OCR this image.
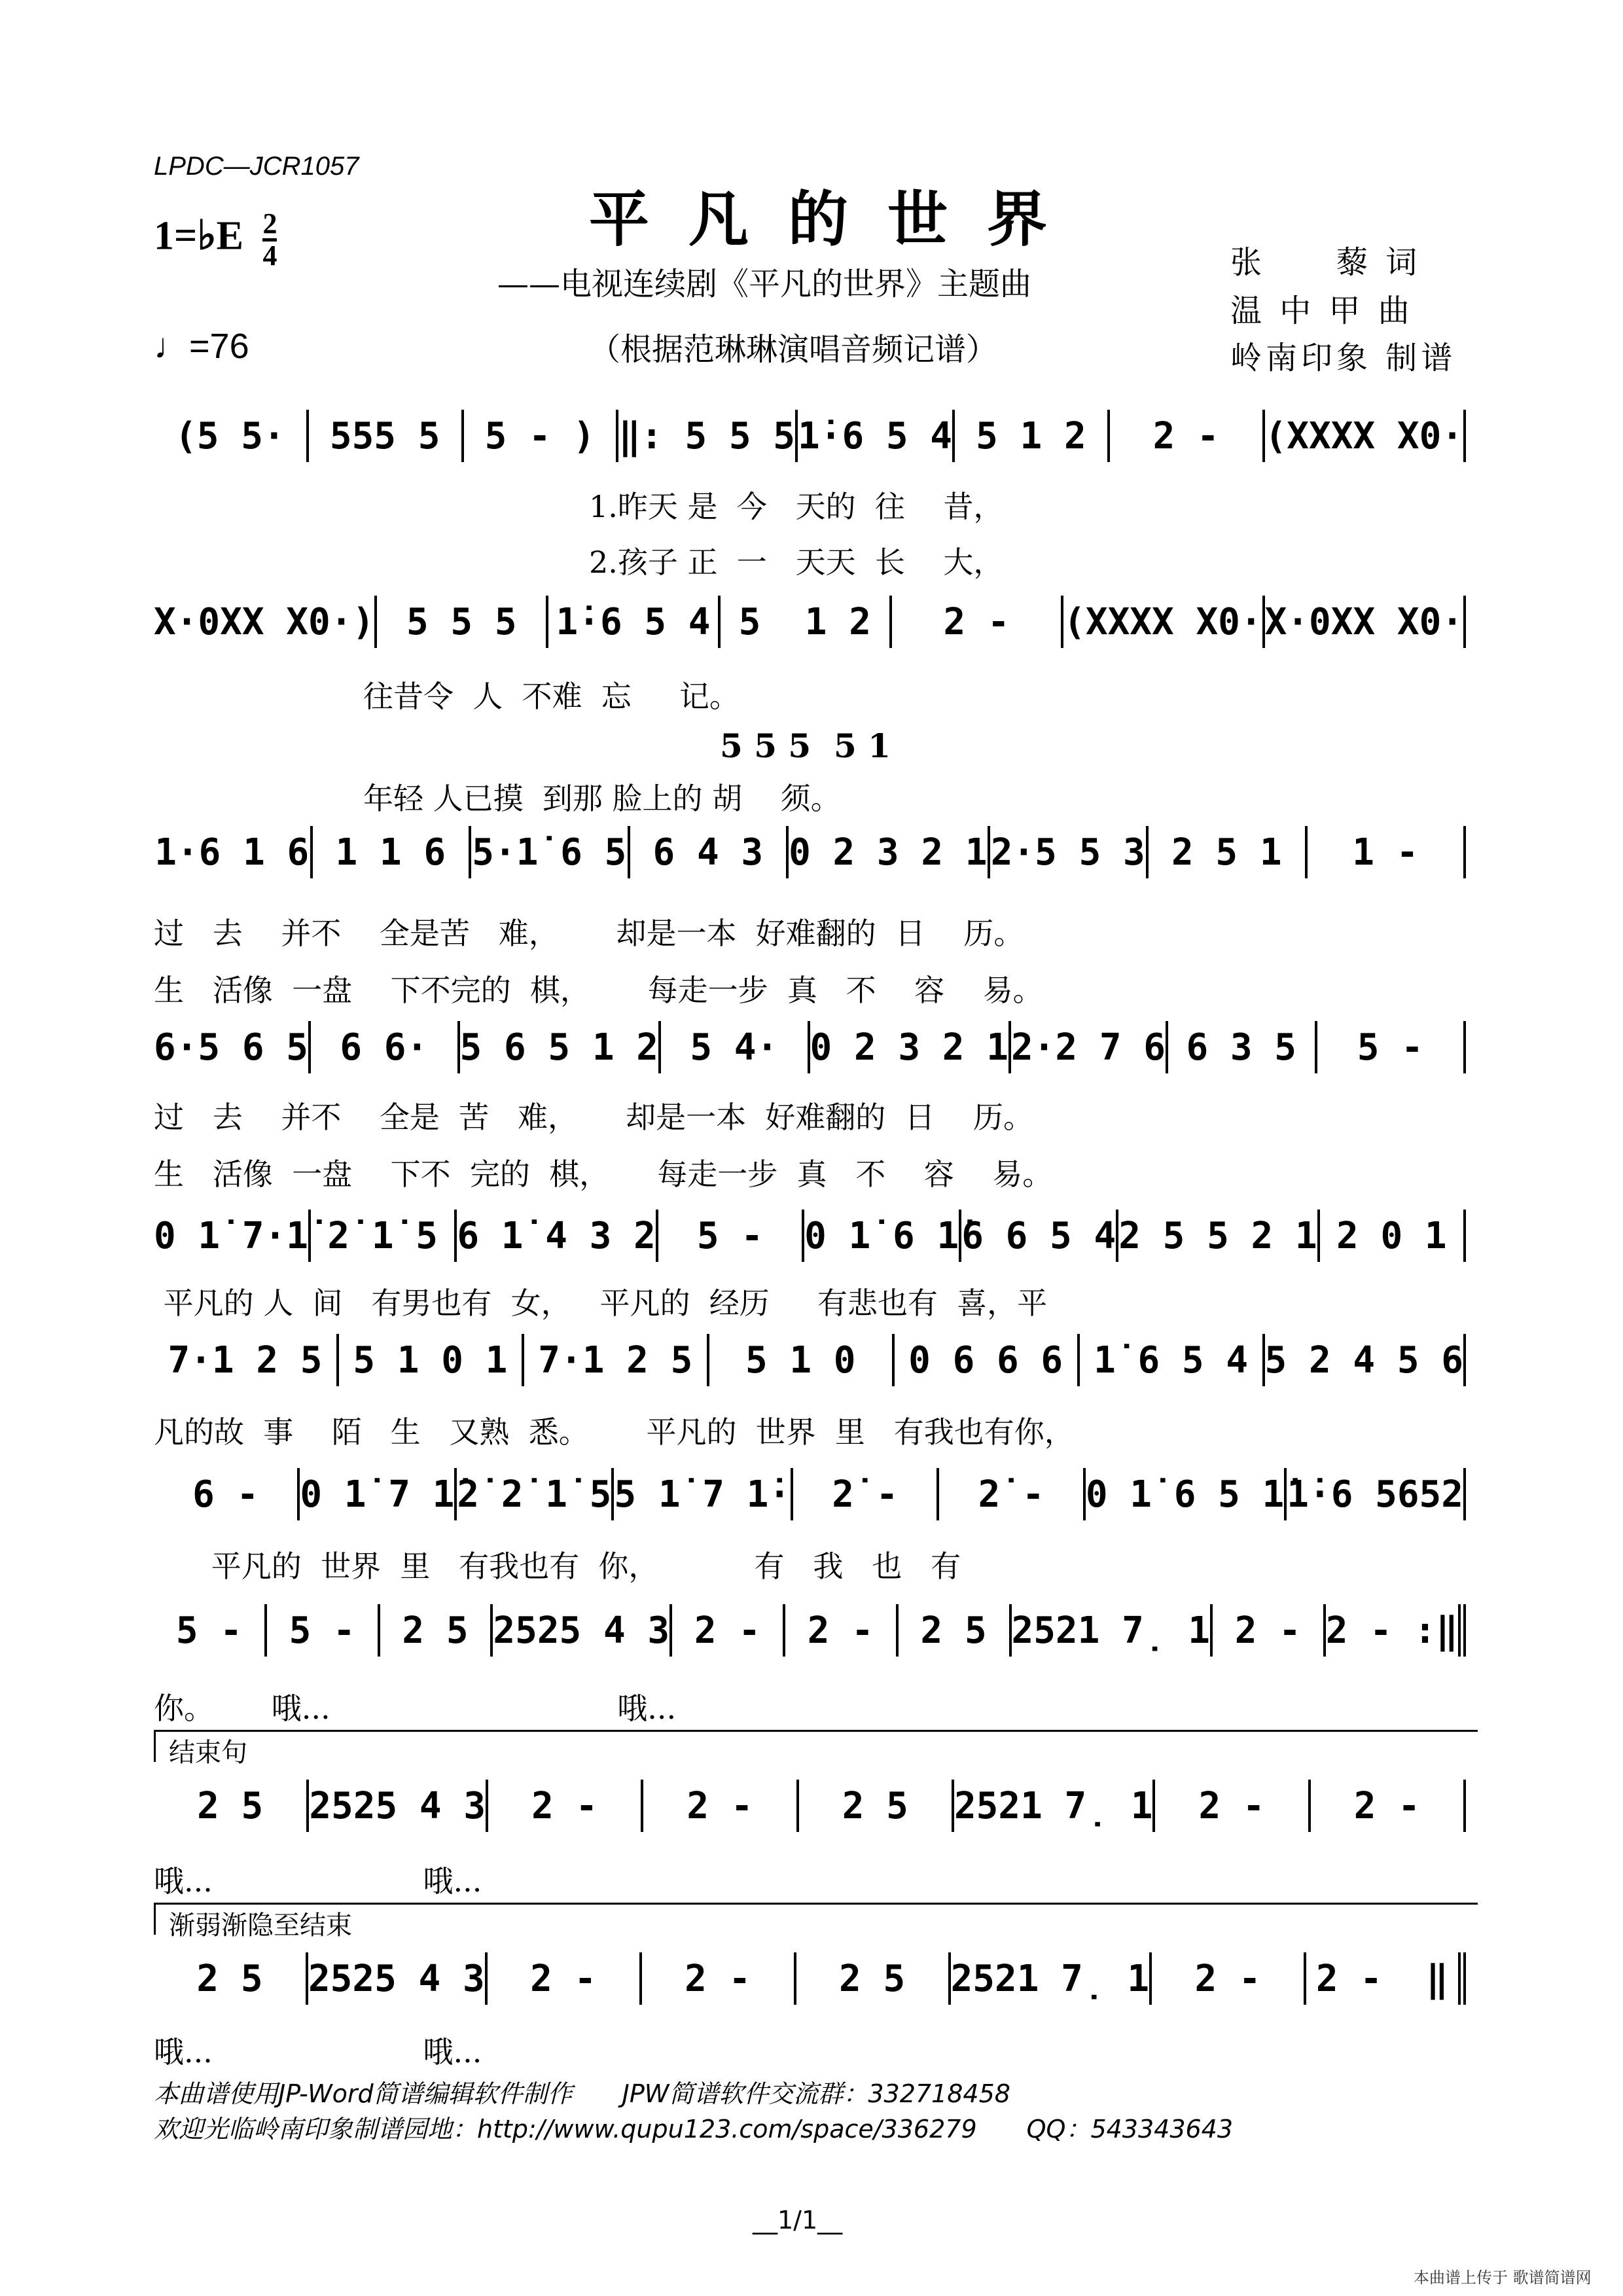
LPDC—JCR1057
平凡的世界
1=♭E $\frac{2}{4}$
——电视连续剧《平凡的世界》主题曲
♩=76	（根据范琳琳演唱音频记谱）
张　　藜 词
温 中 甲 曲
岭南印象 制谱
(5 5·	555 5	5 - ) ‖: 5 5 5 1̇·6 5 4 5 1 2	2 -	(XXXX X0·
1.昨天 是  今   天的  往    昔，
2.孩子 正  一   天天  长    大，
X·0XX X0·) 5 5 5	1̇·6 5 4 5  1 2	2 -	(XXXX X0· X·0XX X0·
往昔令  人  不难  忘     记。
5 5 5  5 1
年轻 人已摸  到那 脸上的 胡    须。
1·6 1 6 1 1 6 5·1̇ 6 5 6 4 3 0 2 3 2 1 2·5 5 3 2 5 1	1 -
过   去    并不    全是苦   难，      却是一本  好难翻的  日    历。
生   活像  一盘    下不完的  棋，      每走一步  真   不    容    易。
6·5 6 5 6 6· 5 6 5 1 2 5 4· 0 2 3 2 1 2·2 7 6 6 3 5	5 -
过   去    并不    全是  苦   难，     却是一本  好难翻的  日    历。
生   活像  一盘    下不  完的  棋，     每走一步  真   不    容    易。
0 1̇ 7·1̇ 2̇ 1̇ 5 6 1̇ 4 3 2	5 -	0 1̇ 6 1̇ 6 6 5 4 2 5 5 2 1 2 0 1
平凡的 人  间   有男也有  女，   平凡的  经历     有悲也有  喜，平
7·1 2 5 5 1 0 1 7·1 2 5	5 1 0	0 6 6 6 1̇ 6 5 4 5 2 4 5 6
凡的故  事    陌   生   又熟  悉。      平凡的  世界  里   有我也有你，
6 -	0 1̇ 7 1̇ 2̇ 2̇ 1̇ 5 5 1̇ 7 1̇·	2̇ -	2̇ -	0 1̇ 6 5 1̇ 1̇·6 5652
平凡的  世界  里   有我也有  你，          有   我   也   有
5 -	5 -	2 5 2525 4 3 2 -	2 -	2 5 2521 7̣ 1 2 - 2 - :‖
你。      哦...                              哦...
结束句
2 5	2525 4 3	2 -	2 -	2 5	2521 7̣ 1	2 -	2 -
哦...                      哦...
渐弱渐隐至结束
2 5	2525 4 3	2 -	2 -	2 5	2521 7̣ 1	2 -	2 -  ‖
哦...                      哦...
本曲谱使用JP-Word简谱编辑软件制作　　JPW简谱软件交流群：332718458
欢迎光临岭南印象制谱园地：http://www.qupu123.com/space/336279　　QQ：543343643
__1/1__
本曲谱上传于 歌谱简谱网
